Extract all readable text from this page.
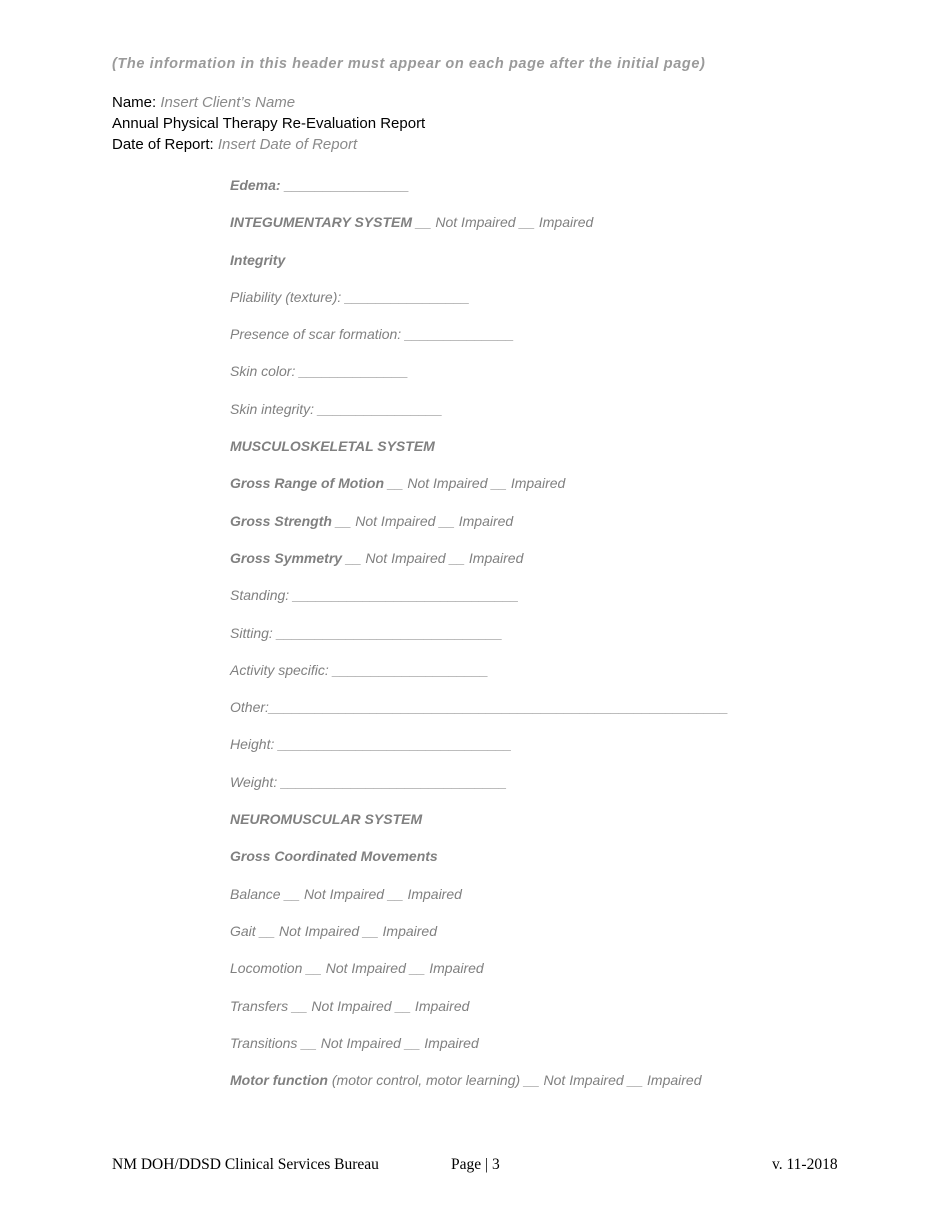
(The information in this header must appear on each page after the initial page)
Name: Insert Client’s Name
Annual Physical Therapy Re-Evaluation Report
Date of Report: Insert Date of Report
Edema: ________________
INTEGUMENTARY SYSTEM __ Not Impaired __ Impaired
Integrity
Pliability (texture): ________________
Presence of scar formation: ______________
Skin color: ______________
Skin integrity: ________________
MUSCULOSKELETAL SYSTEM
Gross Range of Motion __ Not Impaired __ Impaired
Gross Strength __ Not Impaired __ Impaired
Gross Symmetry __ Not Impaired __ Impaired
Standing: _____________________________
Sitting: _____________________________
Activity specific: ____________________
Other:___________________________________________________________
Height: ______________________________
Weight: _____________________________
NEUROMUSCULAR SYSTEM
Gross Coordinated Movements
Balance __ Not Impaired __ Impaired
Gait __ Not Impaired __ Impaired
Locomotion __ Not Impaired __ Impaired
Transfers __ Not Impaired __ Impaired
Transitions __ Not Impaired __ Impaired
Motor function (motor control, motor learning) __ Not Impaired __ Impaired
NM DOH/DDSD Clinical Services Bureau	Page | 3	v. 11-2018
